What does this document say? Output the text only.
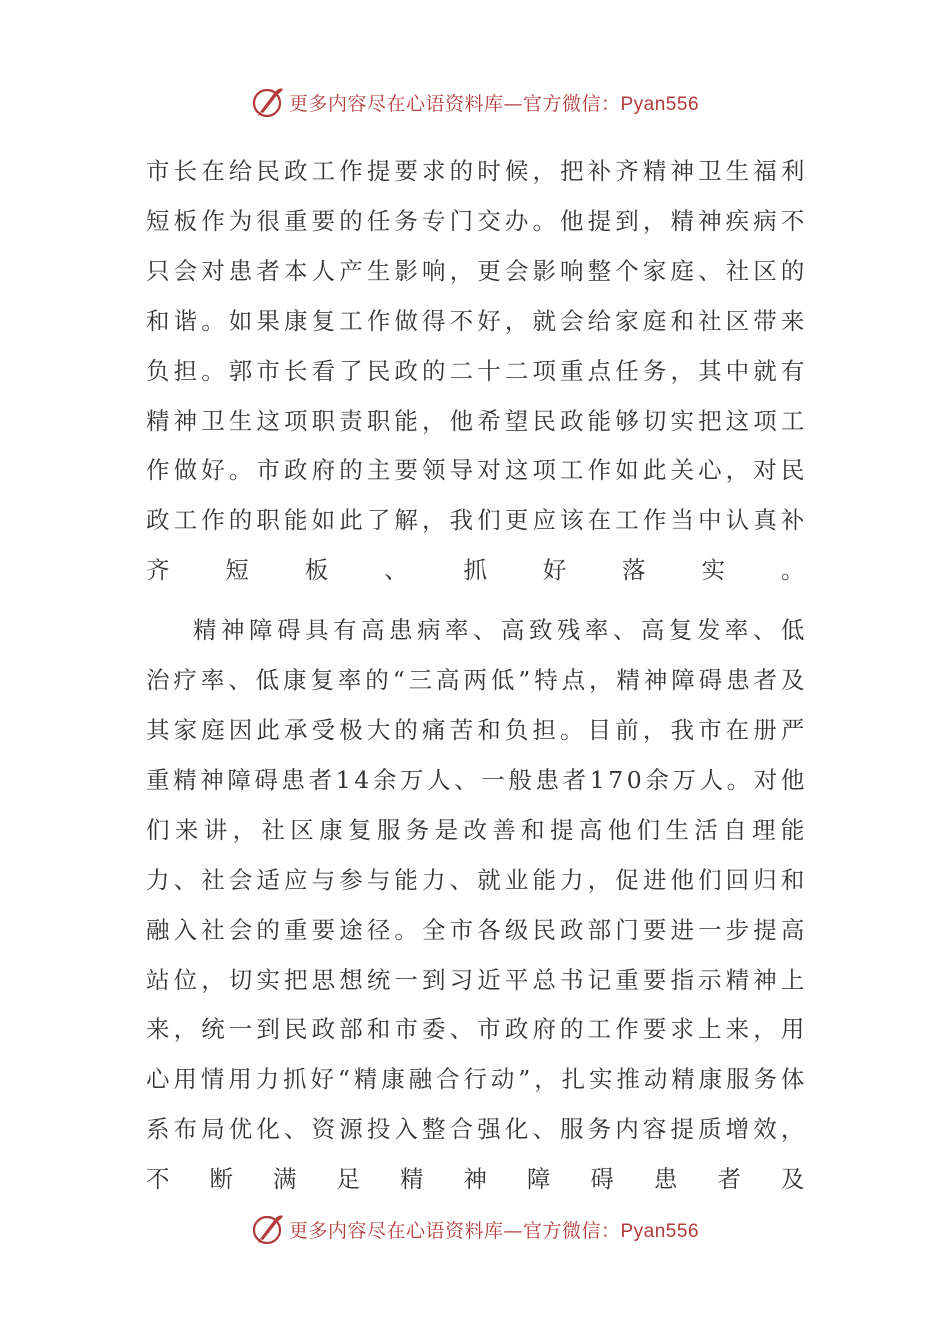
更多内容尽在心语资料库—官方微信：Pyan556

市长在给民政工作提要求的时候，把补齐精神卫生福利短板作为很重要的任务专门交办。他提到，精神疾病不只会对患者本人产生影响，更会影响整个家庭、社区的和谐。如果康复工作做得不好，就会给家庭和社区带来负担。郭市长看了民政的二十二项重点任务，其中就有精神卫生这项职责职能，他希望民政能够切实把这项工作做好。市政府的主要领导对这项工作如此关心，对民政工作的职能如此了解，我们更应该在工作当中认真补齐短板、抓好落实。

精神障碍具有高患病率、高致残率、高复发率、低治疗率、低康复率的“三高两低”特点，精神障碍患者及其家庭因此承受极大的痛苦和负担。目前，我市在册严重精神障碍患者14余万人、一般患者170余万人。对他们来讲，社区康复服务是改善和提高他们生活自理能力、社会适应与参与能力、就业能力，促进他们回归和融入社会的重要途径。全市各级民政部门要进一步提高站位，切实把思想统一到习近平总书记重要指示精神上来，统一到民政部和市委、市政府的工作要求上来，用心用情用力抓好“精康融合行动”，扎实推动精康服务体系布局优化、资源投入整合强化、服务内容提质增效，不断满足精神障碍患者及

更多内容尽在心语资料库—官方微信：Pyan556
